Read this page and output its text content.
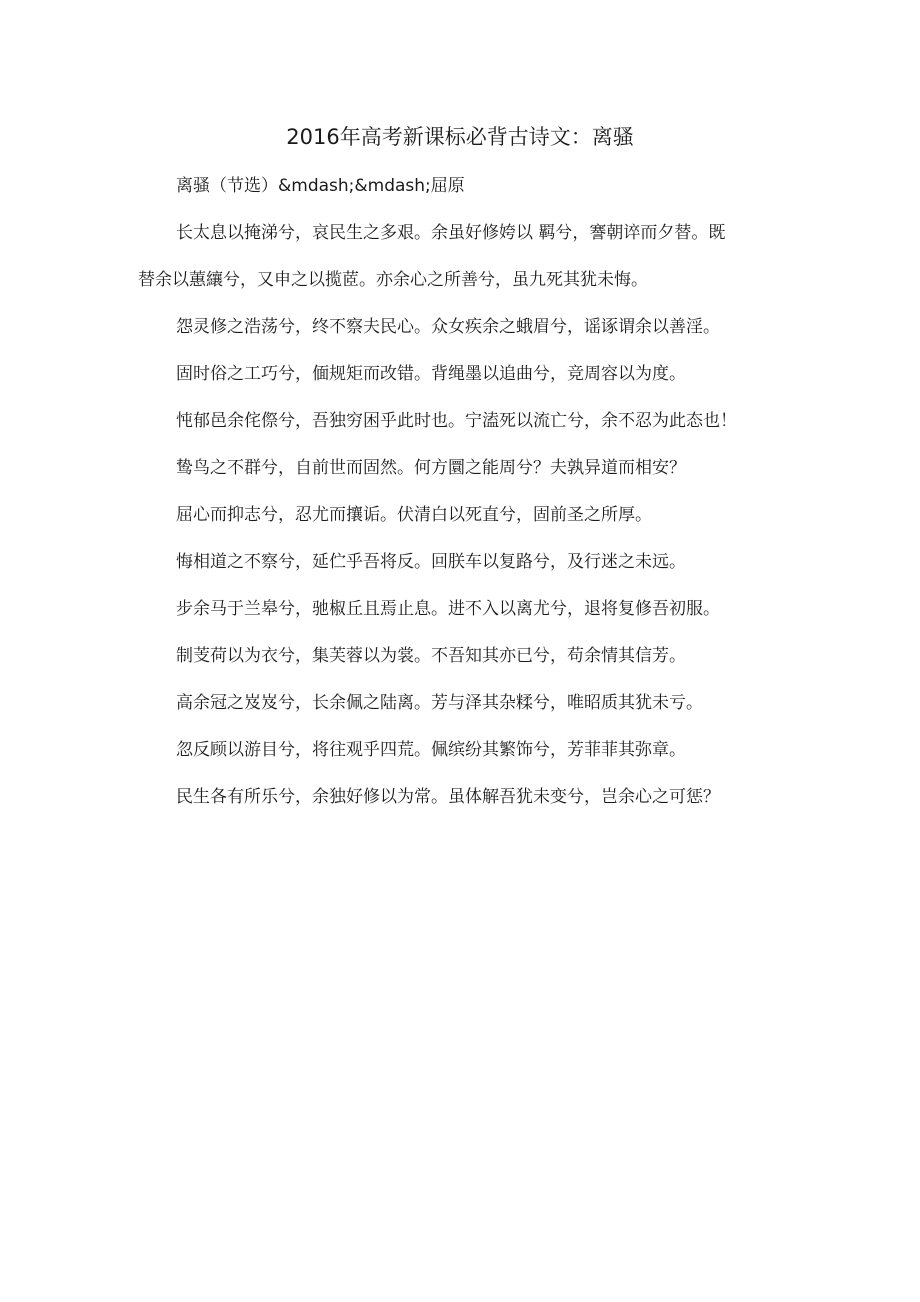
2016年高考新课标必背古诗文：离骚

离骚（节选）&mdash;&mdash;屈原

长太息以掩涕兮，哀民生之多艰。余虽好修姱以 羁兮，謇朝谇而夕替。既
替余以蕙纕兮，又申之以揽茝。亦余心之所善兮，虽九死其犹未悔。

怨灵修之浩荡兮，终不察夫民心。众女疾余之蛾眉兮，谣诼谓余以善淫。

固时俗之工巧兮，偭规矩而改错。背绳墨以追曲兮，竞周容以为度。

忳郁邑余侘傺兮，吾独穷困乎此时也。宁溘死以流亡兮，余不忍为此态也！

鸷鸟之不群兮，自前世而固然。何方圜之能周兮？夫孰异道而相安？

屈心而抑志兮，忍尤而攘诟。伏清白以死直兮，固前圣之所厚。

悔相道之不察兮，延伫乎吾将反。回朕车以复路兮，及行迷之未远。

步余马于兰皋兮，驰椒丘且焉止息。进不入以离尤兮，退将复修吾初服。

制芰荷以为衣兮，集芙蓉以为裳。不吾知其亦已兮，苟余情其信芳。

高余冠之岌岌兮，长余佩之陆离。芳与泽其杂糅兮，唯昭质其犹未亏。

忽反顾以游目兮，将往观乎四荒。佩缤纷其繁饰兮，芳菲菲其弥章。

民生各有所乐兮，余独好修以为常。虽体解吾犹未变兮，岂余心之可惩？
